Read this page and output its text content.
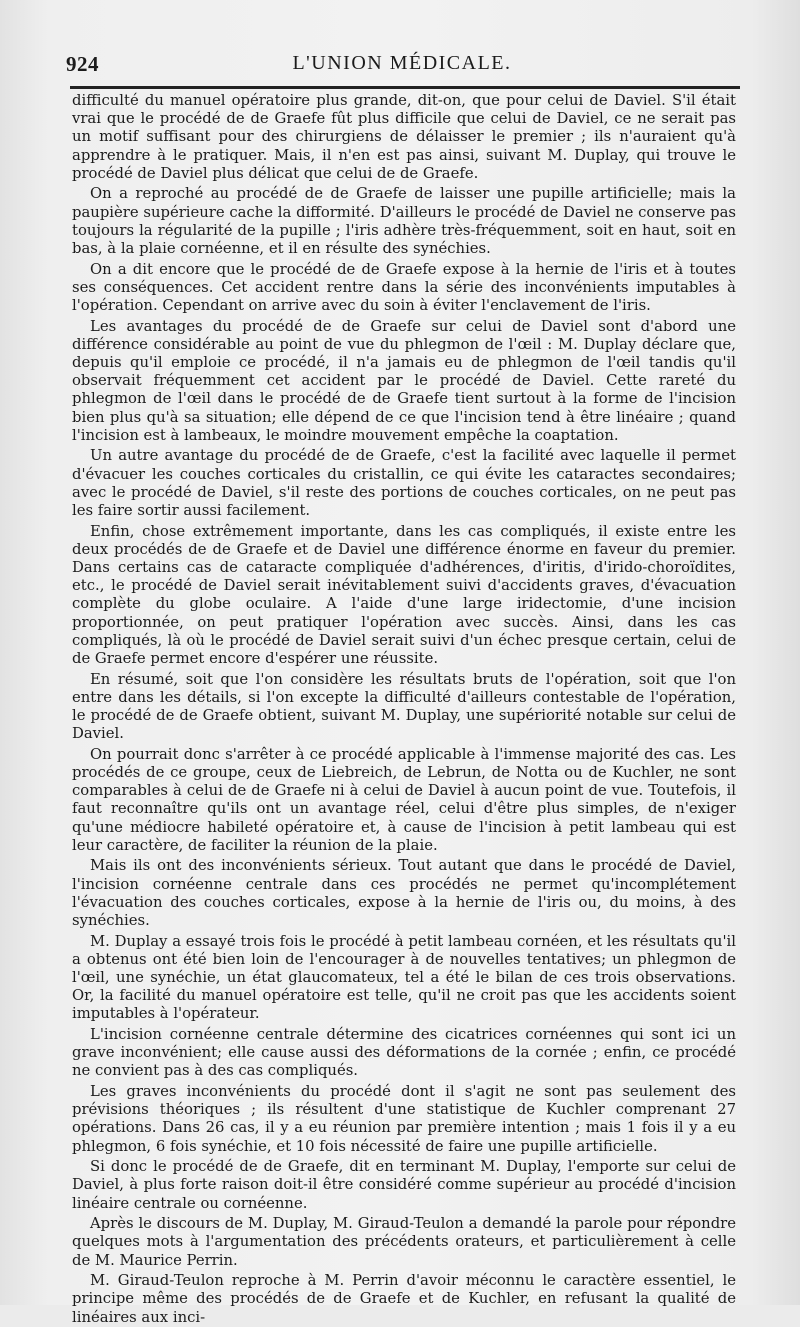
924	L'UNION MÉDICALE.

difficulté du manuel opératoire plus grande, dit-on, que pour celui de Daviel. S'il était vrai que le procédé de de Graefe fût plus difficile que celui de Daviel, ce ne serait pas un motif suffisant pour des chirurgiens de délaisser le premier ; ils n'auraient qu'à apprendre à le pratiquer. Mais, il n'en est pas ainsi, suivant M. Duplay, qui trouve le procédé de Daviel plus délicat que celui de de Graefe.

On a reproché au procédé de de Graefe de laisser une pupille artificielle; mais la paupière supérieure cache la difformité. D'ailleurs le procédé de Daviel ne conserve pas toujours la régularité de la pupille ; l'iris adhère très-fréquemment, soit en haut, soit en bas, à la plaie cornéenne, et il en résulte des synéchies.

On a dit encore que le procédé de de Graefe expose à la hernie de l'iris et à toutes ses conséquences. Cet accident rentre dans la série des inconvénients imputables à l'opération. Cependant on arrive avec du soin à éviter l'enclavement de l'iris.

Les avantages du procédé de de Graefe sur celui de Daviel sont d'abord une différence considérable au point de vue du phlegmon de l'œil : M. Duplay déclare que, depuis qu'il emploie ce procédé, il n'a jamais eu de phlegmon de l'œil tandis qu'il observait fréquemment cet accident par le procédé de Daviel. Cette rareté du phlegmon de l'œil dans le procédé de de Graefe tient surtout à la forme de l'incision bien plus qu'à sa situation; elle dépend de ce que l'incision tend à être linéaire ; quand l'incision est à lambeaux, le moindre mouvement empêche la coaptation.

Un autre avantage du procédé de de Graefe, c'est la facilité avec laquelle il permet d'évacuer les couches corticales du cristallin, ce qui évite les cataractes secondaires; avec le procédé de Daviel, s'il reste des portions de couches corticales, on ne peut pas les faire sortir aussi facilement.

Enfin, chose extrêmement importante, dans les cas compliqués, il existe entre les deux procédés de de Graefe et de Daviel une différence énorme en faveur du premier. Dans certains cas de cataracte compliquée d'adhérences, d'iritis, d'irido-choroïdites, etc., le procédé de Daviel serait inévitablement suivi d'accidents graves, d'évacuation complète du globe oculaire. A l'aide d'une large iridectomie, d'une incision proportionnée, on peut pratiquer l'opération avec succès. Ainsi, dans les cas compliqués, là où le procédé de Daviel serait suivi d'un échec presque certain, celui de de Graefe permet encore d'espérer une réussite.

En résumé, soit que l'on considère les résultats bruts de l'opération, soit que l'on entre dans les détails, si l'on excepte la difficulté d'ailleurs contestable de l'opération, le procédé de de Graefe obtient, suivant M. Duplay, une supériorité notable sur celui de Daviel.

On pourrait donc s'arrêter à ce procédé applicable à l'immense majorité des cas. Les procédés de ce groupe, ceux de Liebreich, de Lebrun, de Notta ou de Kuchler, ne sont comparables à celui de de Graefe ni à celui de Daviel à aucun point de vue. Toutefois, il faut reconnaître qu'ils ont un avantage réel, celui d'être plus simples, de n'exiger qu'une médiocre habileté opératoire et, à cause de l'incision à petit lambeau qui est leur caractère, de faciliter la réunion de la plaie.

Mais ils ont des inconvénients sérieux. Tout autant que dans le procédé de Daviel, l'incision cornéenne centrale dans ces procédés ne permet qu'incomplétement l'évacuation des couches corticales, expose à la hernie de l'iris ou, du moins, à des synéchies.

M. Duplay a essayé trois fois le procédé à petit lambeau cornéen, et les résultats qu'il a obtenus ont été bien loin de l'encourager à de nouvelles tentatives; un phlegmon de l'œil, une synéchie, un état glaucomateux, tel a été le bilan de ces trois observations. Or, la facilité du manuel opératoire est telle, qu'il ne croit pas que les accidents soient imputables à l'opérateur.

L'incision cornéenne centrale détermine des cicatrices cornéennes qui sont ici un grave inconvénient; elle cause aussi des déformations de la cornée ; enfin, ce procédé ne convient pas à des cas compliqués.

Les graves inconvénients du procédé dont il s'agit ne sont pas seulement des prévisions théoriques ; ils résultent d'une statistique de Kuchler comprenant 27 opérations. Dans 26 cas, il y a eu réunion par première intention ; mais 1 fois il y a eu phlegmon, 6 fois synéchie, et 10 fois nécessité de faire une pupille artificielle.

Si donc le procédé de de Graefe, dit en terminant M. Duplay, l'emporte sur celui de Daviel, à plus forte raison doit-il être considéré comme supérieur au procédé d'incision linéaire centrale ou cornéenne.

Après le discours de M. Duplay, M. Giraud-Teulon a demandé la parole pour répondre quelques mots à l'argumentation des précédents orateurs, et particulièrement à celle de M. Maurice Perrin.

M. Giraud-Teulon reproche à M. Perrin d'avoir méconnu le caractère essentiel, le principe même des procédés de de Graefe et de Kuchler, en refusant la qualité de linéaires aux inci-
